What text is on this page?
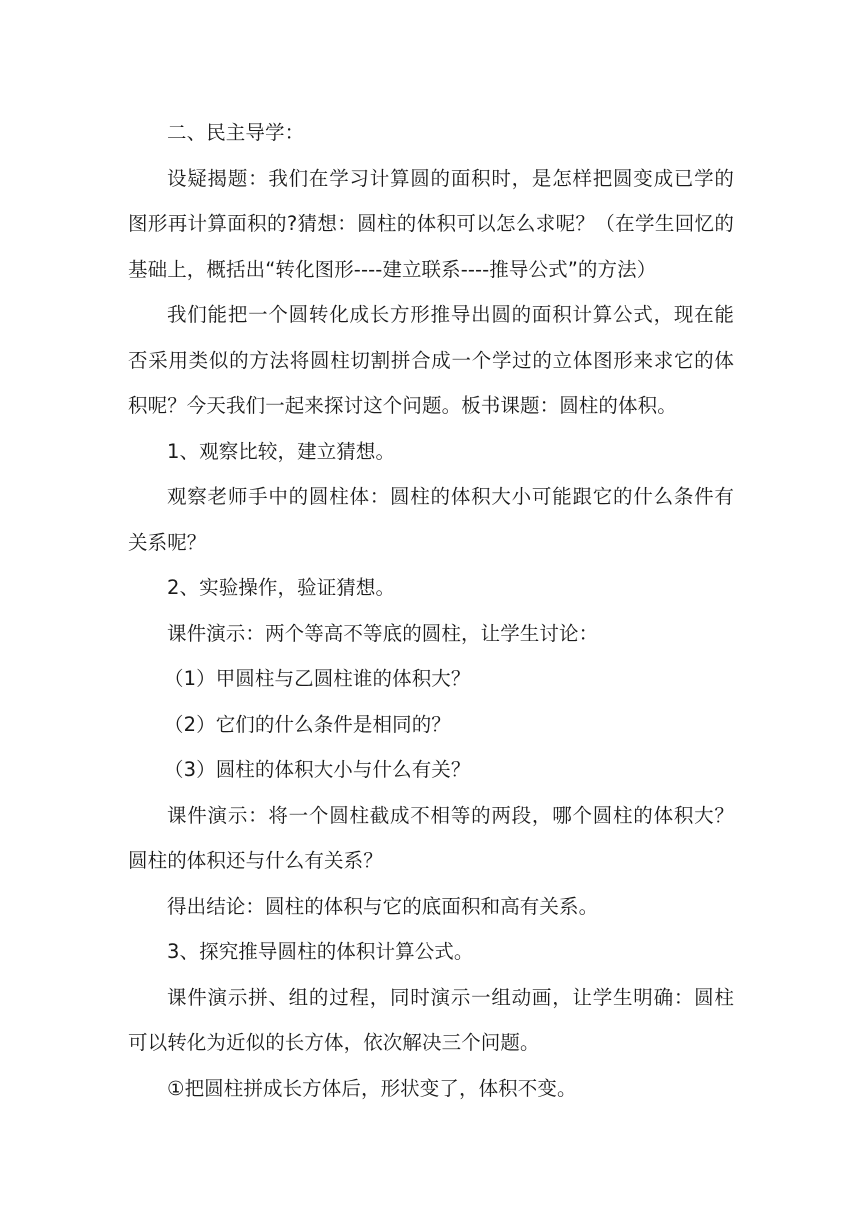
二、民主导学：

设疑揭题：我们在学习计算圆的面积时，是怎样把圆变成已学的图形再计算面积的?猜想：圆柱的体积可以怎么求呢？（在学生回忆的基础上，概括出“转化图形----建立联系----推导公式”的方法）

我们能把一个圆转化成长方形推导出圆的面积计算公式，现在能否采用类似的方法将圆柱切割拼合成一个学过的立体图形来求它的体积呢？今天我们一起来探讨这个问题。板书课题：圆柱的体积。

1、观察比较，建立猜想。

观察老师手中的圆柱体：圆柱的体积大小可能跟它的什么条件有关系呢？

2、实验操作，验证猜想。

课件演示：两个等高不等底的圆柱，让学生讨论：

（1）甲圆柱与乙圆柱谁的体积大？

（2）它们的什么条件是相同的？

（3）圆柱的体积大小与什么有关？

课件演示：将一个圆柱截成不相等的两段，哪个圆柱的体积大？圆柱的体积还与什么有关系？

得出结论：圆柱的体积与它的底面积和高有关系。

3、探究推导圆柱的体积计算公式。

课件演示拼、组的过程，同时演示一组动画，让学生明确：圆柱可以转化为近似的长方体，依次解决三个问题。

①把圆柱拼成长方体后，形状变了，体积不变。
